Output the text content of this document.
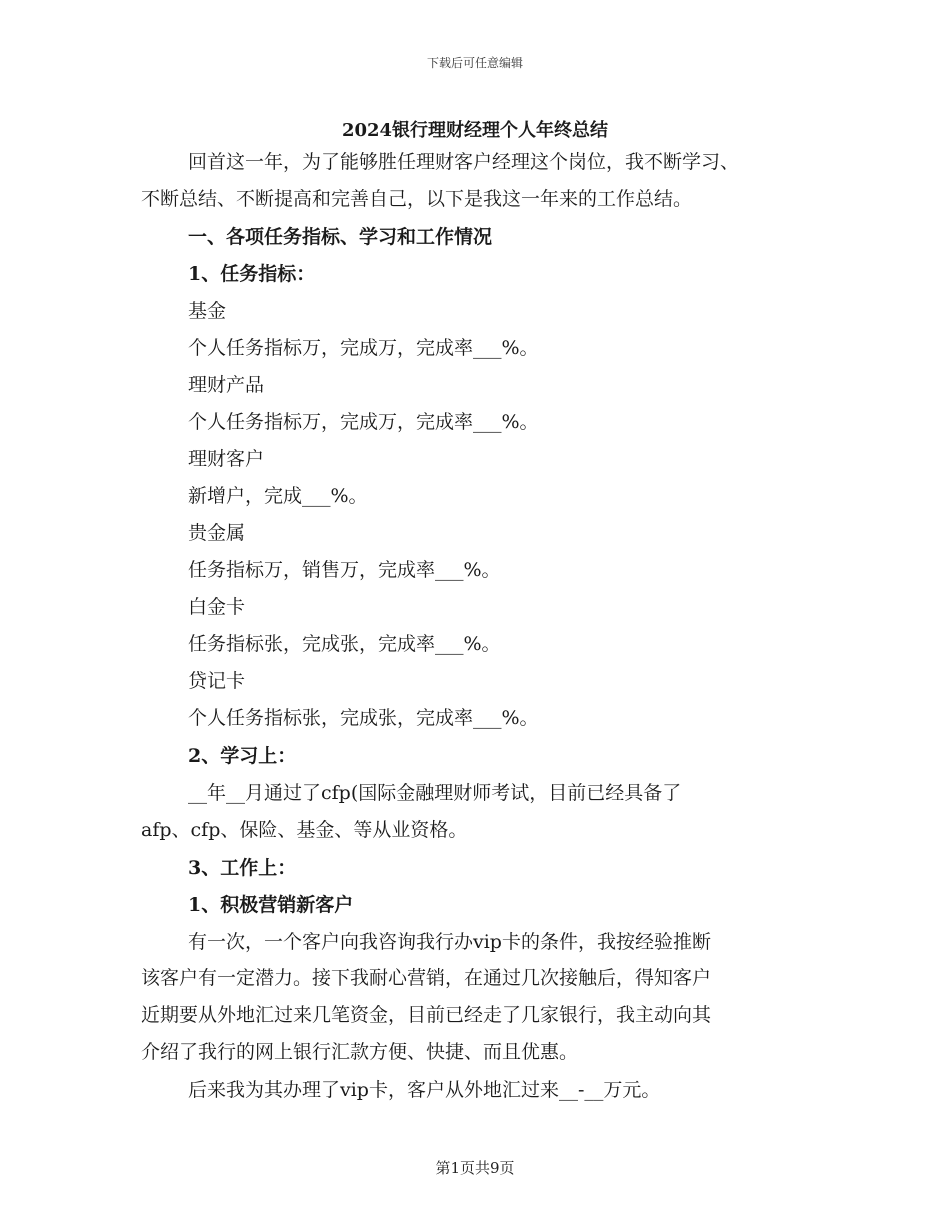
下载后可任意编辑
2024银行理财经理个人年终总结
回首这一年，为了能够胜任理财客户经理这个岗位，我不断学习、
不断总结、不断提高和完善自己，以下是我这一年来的工作总结。
一、各项任务指标、学习和工作情况
1、任务指标：
基金
个人任务指标万，完成万，完成率___%。
理财产品
个人任务指标万，完成万，完成率___%。
理财客户
新增户，完成___%。
贵金属
任务指标万，销售万，完成率___%。
白金卡
任务指标张，完成张，完成率___%。
贷记卡
个人任务指标张，完成张，完成率___%。
2、学习上：
__年__月通过了cfp(国际金融理财师考试，目前已经具备了
afp、cfp、保险、基金、等从业资格。
3、工作上：
1、积极营销新客户
有一次，一个客户向我咨询我行办vip卡的条件，我按经验推断
该客户有一定潜力。接下我耐心营销，在通过几次接触后，得知客户
近期要从外地汇过来几笔资金，目前已经走了几家银行，我主动向其
介绍了我行的网上银行汇款方便、快捷、而且优惠。
后来我为其办理了vip卡，客户从外地汇过来__-__万元。
第1页共9页
